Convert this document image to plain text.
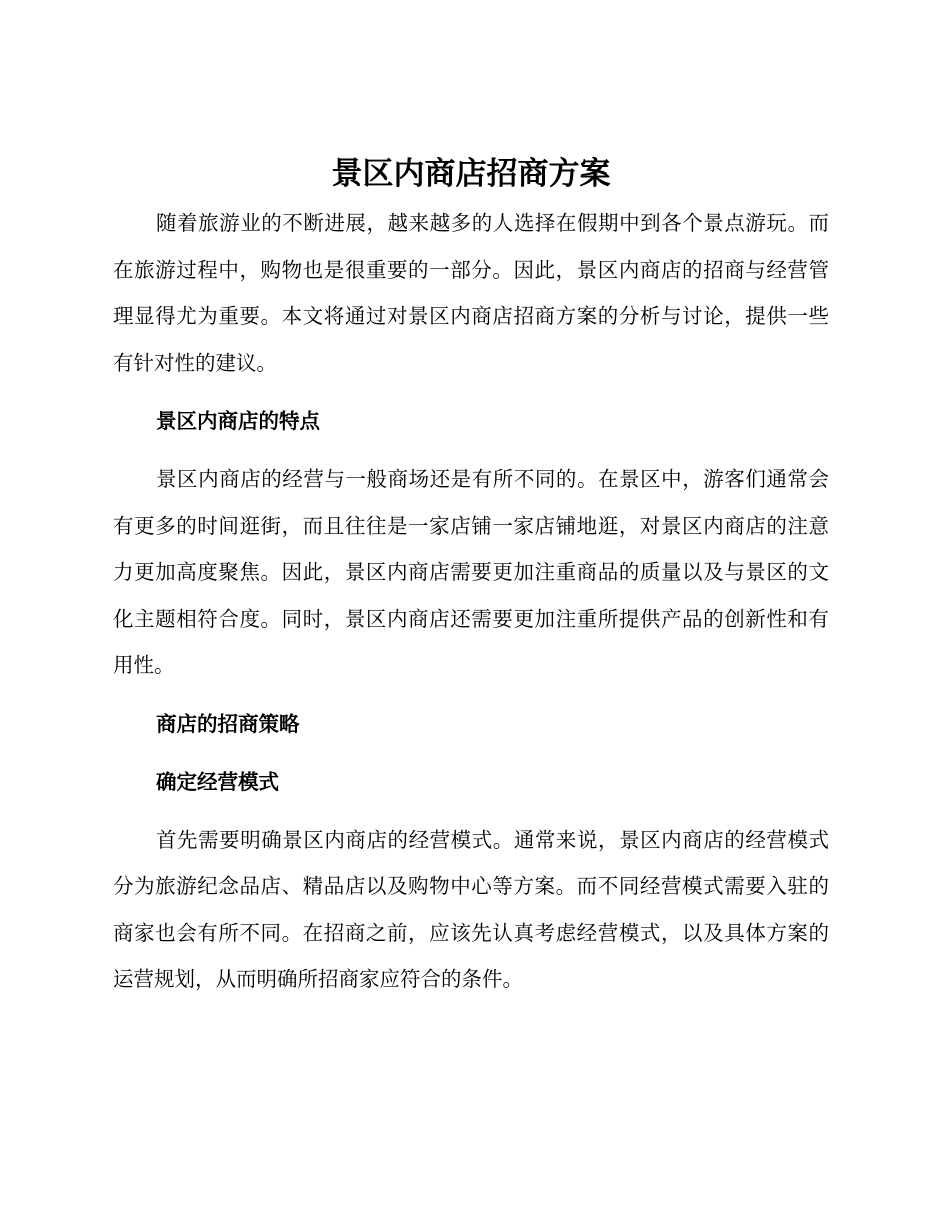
景区内商店招商方案

随着旅游业的不断进展，越来越多的人选择在假期中到各个景点游玩。而在旅游过程中，购物也是很重要的一部分。因此，景区内商店的招商与经营管理显得尤为重要。本文将通过对景区内商店招商方案的分析与讨论，提供一些有针对性的建议。

景区内商店的特点

景区内商店的经营与一般商场还是有所不同的。在景区中，游客们通常会有更多的时间逛街，而且往往是一家店铺一家店铺地逛，对景区内商店的注意力更加高度聚焦。因此，景区内商店需要更加注重商品的质量以及与景区的文化主题相符合度。同时，景区内商店还需要更加注重所提供产品的创新性和有用性。

商店的招商策略
确定经营模式

首先需要明确景区内商店的经营模式。通常来说，景区内商店的经营模式分为旅游纪念品店、精品店以及购物中心等方案。而不同经营模式需要入驻的商家也会有所不同。在招商之前，应该先认真考虑经营模式，以及具体方案的运营规划，从而明确所招商家应符合的条件。
